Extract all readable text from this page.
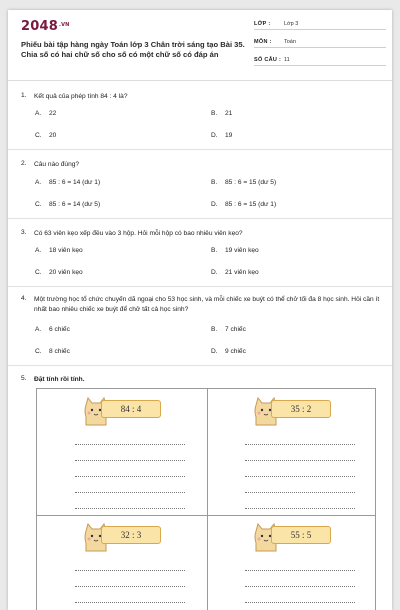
$2048^{.VN}$
Phiếu bài tập hàng ngày Toán lớp 3 Chân trời sáng tạo Bài 35. Chia số có hai chữ số cho số có một chữ số có đáp án
LỚP : Lớp 3
MÔN : Toán
SỐ CÂU : 11
1. Kết quả của phép tính 84 : 4 là?
A. 22	B. 21
C. 20	D. 19
2. Câu nào đúng?
A. 85 : 6 = 14 (dư 1)	B. 85 : 6 = 15 (dư 5)
C. 85 : 6 = 14 (dư 5)	D. 85 : 6 = 15 (dư 1)
3. Có 63 viên kẹo xếp đều vào 3 hộp. Hỏi mỗi hộp có bao nhiêu viên kẹo?
A. 18 viên kẹo	B. 19 viên kẹo
C. 20 viên kẹo	D. 21 viên kẹo
4. Một trường học tổ chức chuyến dã ngoại cho 53 học sinh, và mỗi chiếc xe buýt có thể chở tối đa 8 học sinh. Hỏi cần ít nhất bao nhiêu chiếc xe buýt để chở tất cả học sinh?
A. 6 chiếc	B. 7 chiếc
C. 8 chiếc	D. 9 chiếc
5. Đặt tính rồi tính.
84 : 4	35 : 2
32 : 3	55 : 5
